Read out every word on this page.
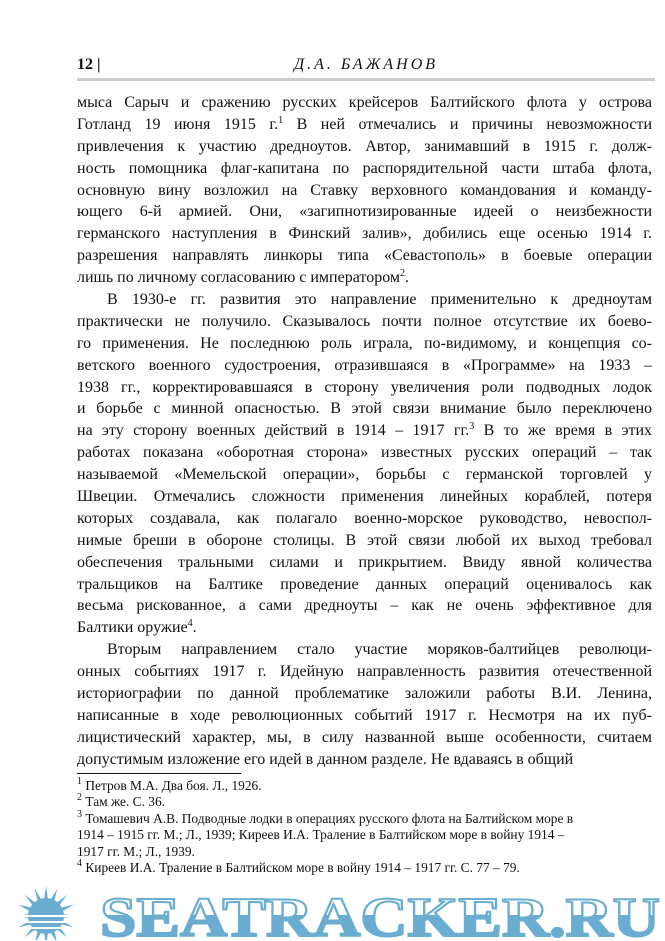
12 |	Д.А. БАЖАНОВ
мыса Сарыч и сражению русских крейсеров Балтийского флота у острова
Готланд 19 июня 1915 г.$^1$ В ней отмечались и причины невозможности
привлечения к участию дредноутов. Автор, занимавший в 1915 г. долж-
ность помощника флаг-капитана по распорядительной части штаба флота,
основную вину возложил на Ставку верховного командования и команду-
ющего 6-й армией. Они, «загипнотизированные идеей о неизбежности
германского наступления в Финский залив», добились еще осенью 1914 г.
разрешения направлять линкоры типа «Севастополь» в боевые операции
лишь по личному согласованию с императором$^2$.
В 1930-е гг. развития это направление применительно к дредноутам
практически не получило. Сказывалось почти полное отсутствие их боево-
го применения. Не последнюю роль играла, по-видимому, и концепция со-
ветского военного судостроения, отразившаяся в «Программе» на 1933 –
1938 гг., корректировавшаяся в сторону увеличения роли подводных лодок
и борьбе с минной опасностью. В этой связи внимание было переключено
на эту сторону военных действий в 1914 – 1917 гг.$^3$ В то же время в этих
работах показана «оборотная сторона» известных русских операций – так
называемой «Мемельской операции», борьбы с германской торговлей у
Швеции. Отмечались сложности применения линейных кораблей, потеря
которых создавала, как полагало военно-морское руководство, невоспол-
нимые бреши в обороне столицы. В этой связи любой их выход требовал
обеспечения тральными силами и прикрытием. Ввиду явной количества
тральщиков на Балтике проведение данных операций оценивалось как
весьма рискованное, а сами дредноуты – как не очень эффективное для
Балтики оружие$^4$.
Вторым направлением стало участие моряков-балтийцев революци-
онных событиях 1917 г. Идейную направленность развития отечественной
историографии по данной проблематике заложили работы В.И. Ленина,
написанные в ходе революционных событий 1917 г. Несмотря на их пуб-
лицистический характер, мы, в силу названной выше особенности, считаем
допустимым изложение его идей в данном разделе. Не вдаваясь в общий
$^1$ Петров М.А. Два боя. Л., 1926.
$^2$ Там же. С. 36.
$^3$ Томашевич А.В. Подводные лодки в операциях русского флота на Балтийском море в
1914 – 1915 гг. М.; Л., 1939; Киреев И.А. Траление в Балтийском море в войну 1914 –
1917 гг. М.; Л., 1939.
$^4$ Киреев И.А. Траление в Балтийском море в войну 1914 – 1917 гг. С. 77 – 79.
SEATRACKER.RU
